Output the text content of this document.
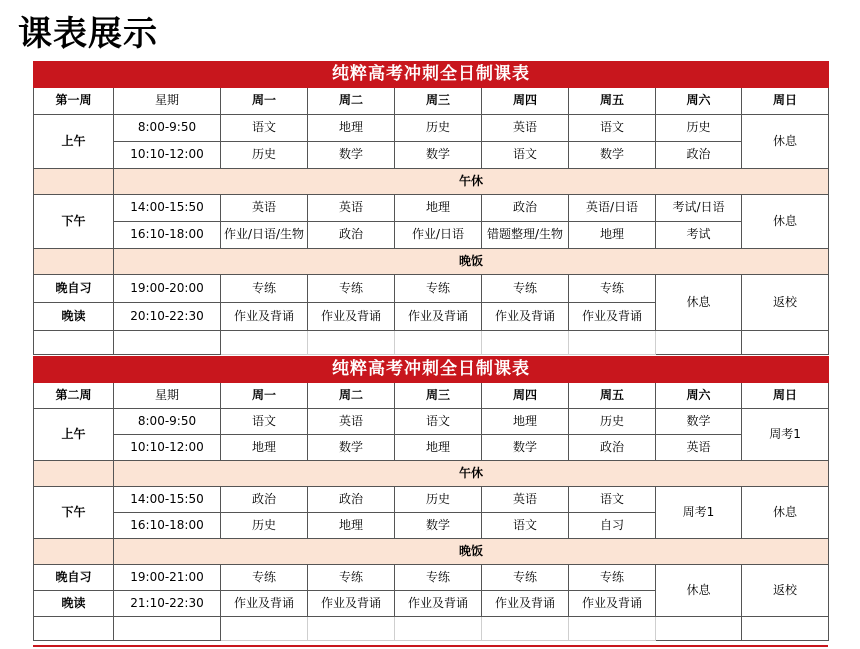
课表展示
纯粹高考冲刺全日制课表								
第一周	星期	周一	周二	周三	周四	周五	周六	周日
上午	8:00-9:50	语文	地理	历史	英语	语文	历史	休息
	10:10-12:00	历史	数学	数学	语文	数学	政治	
	午休							
下午	14:00-15:50	英语	英语	地理	政治	英语/日语	考试/日语	休息
	16:10-18:00	作业/日语/生物	政治	作业/日语	错题整理/生物	地理	考试	
	晚饭							
晚自习	19:00-20:00	专练	专练	专练	专练	专练	休息	返校
晚读	20:10-22:30	作业及背诵	作业及背诵	作业及背诵	作业及背诵	作业及背诵		

纯粹高考冲刺全日制课表								
第二周	星期	周一	周二	周三	周四	周五	周六	周日
上午	8:00-9:50	语文	英语	语文	地理	历史	数学	周考1
	10:10-12:00	地理	数学	地理	数学	政治	英语	
	午休							
下午	14:00-15:50	政治	政治	历史	英语	语文	周考1	休息
	16:10-18:00	历史	地理	数学	语文	自习		
	晚饭							
晚自习	19:00-21:00	专练	专练	专练	专练	专练	休息	返校
晚读	21:10-22:30	作业及背诵	作业及背诵	作业及背诵	作业及背诵	作业及背诵		
